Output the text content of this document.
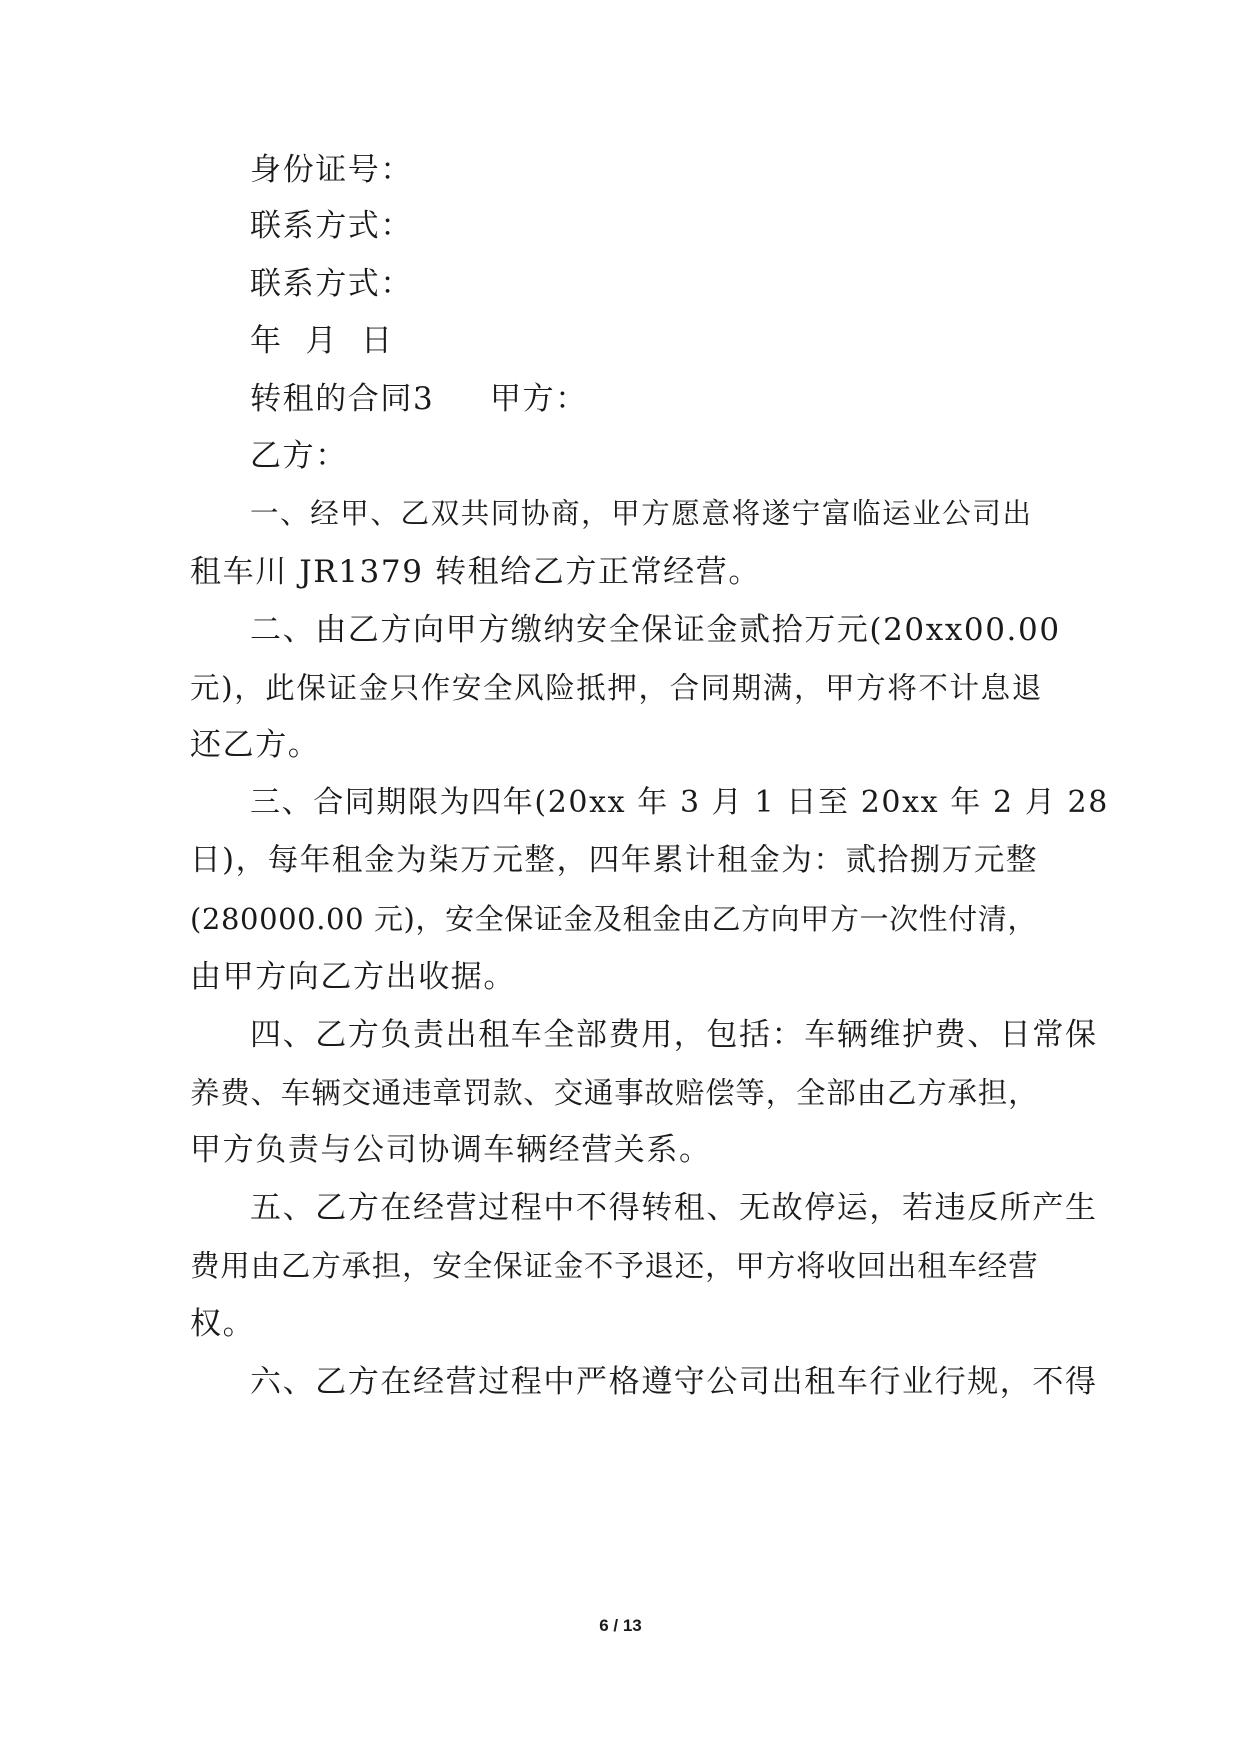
身份证号：
联系方式：
联系方式：
年  月  日
转租的合同3	甲方：
乙方：
一、经甲、乙双共同协商，甲方愿意将遂宁富临运业公司出
租车川 JR1379 转租给乙方正常经营。
二、由乙方向甲方缴纳安全保证金贰拾万元(20xx00.00
元)，此保证金只作安全风险抵押，合同期满，甲方将不计息退
还乙方。
三、合同期限为四年(20xx 年 3 月 1 日至 20xx 年 2 月 28
日)，每年租金为柒万元整，四年累计租金为：贰拾捌万元整
(280000.00 元)，安全保证金及租金由乙方向甲方一次性付清，
由甲方向乙方出收据。
四、乙方负责出租车全部费用，包括：车辆维护费、日常保
养费、车辆交通违章罚款、交通事故赔偿等，全部由乙方承担，
甲方负责与公司协调车辆经营关系。
五、乙方在经营过程中不得转租、无故停运，若违反所产生
费用由乙方承担，安全保证金不予退还，甲方将收回出租车经营
权。
六、乙方在经营过程中严格遵守公司出租车行业行规，不得
6 / 13
